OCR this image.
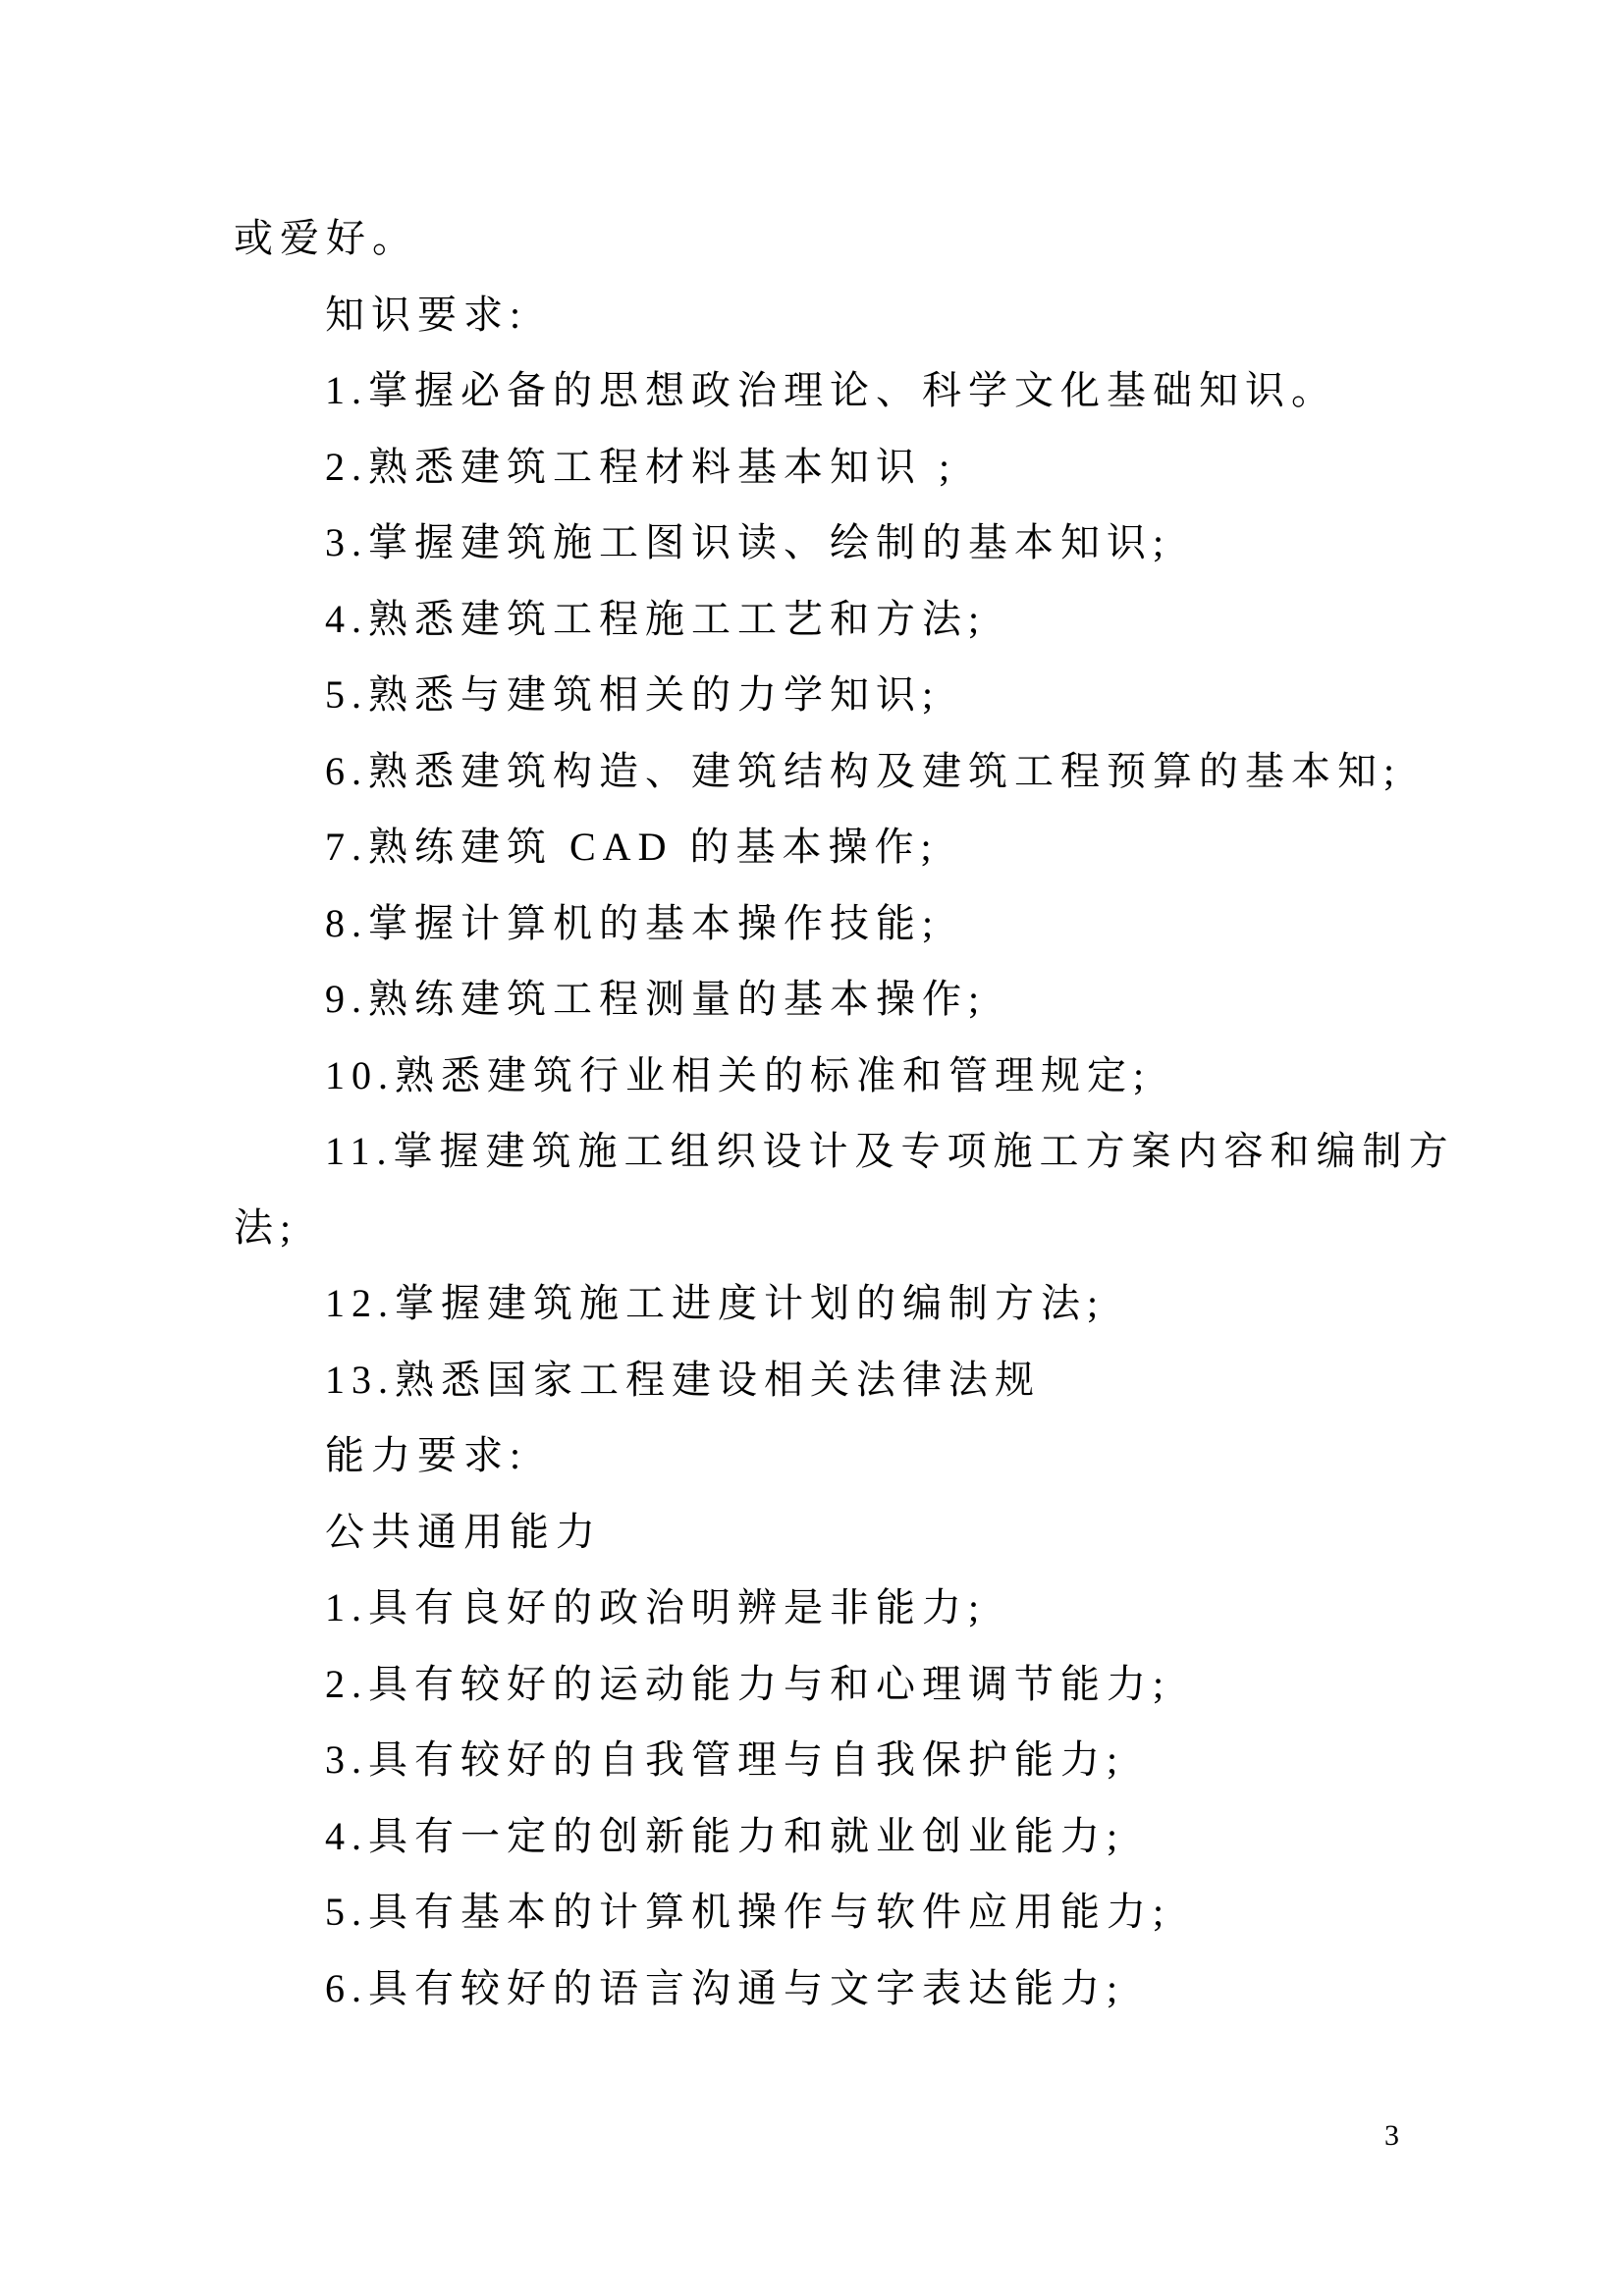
或爱好。
知识要求:
1.掌握必备的思想政治理论、科学文化基础知识。
2.熟悉建筑工程材料基本知识 ;
3.掌握建筑施工图识读、绘制的基本知识;
4.熟悉建筑工程施工工艺和方法;
5.熟悉与建筑相关的力学知识;
6.熟悉建筑构造、建筑结构及建筑工程预算的基本知;
7.熟练建筑 CAD 的基本操作;
8.掌握计算机的基本操作技能;
9.熟练建筑工程测量的基本操作;
10.熟悉建筑行业相关的标准和管理规定;
11.掌握建筑施工组织设计及专项施工方案内容和编制方
法;
12.掌握建筑施工进度计划的编制方法;
13.熟悉国家工程建设相关法律法规
能力要求:
公共通用能力
1.具有良好的政治明辨是非能力;
2.具有较好的运动能力与和心理调节能力;
3.具有较好的自我管理与自我保护能力;
4.具有一定的创新能力和就业创业能力;
5.具有基本的计算机操作与软件应用能力;
6.具有较好的语言沟通与文字表达能力;
3
